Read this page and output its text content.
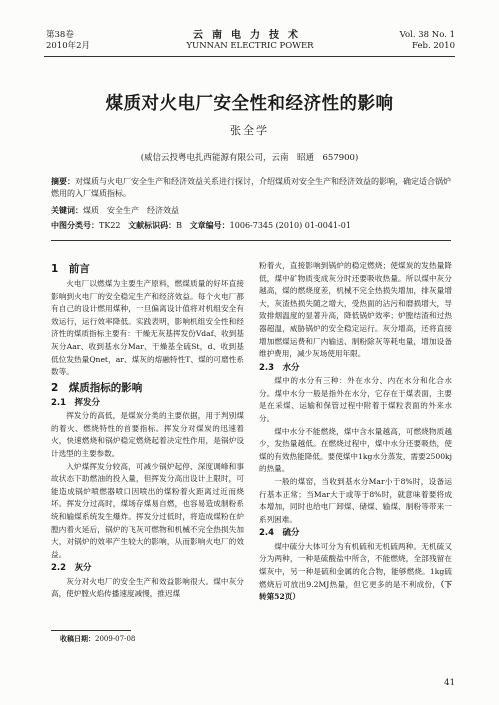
第38卷
2010年2月
云南电力技术
YUNNAN ELECTRIC POWER
Vol. 38 No. 1
Feb. 2010
煤质对火电厂安全性和经济性的影响
张全学
(威信云投粤电扎西能源有限公司，云南　昭通　657900)
摘要：对煤质与火电厂安全生产和经济效益关系进行探讨，介绍煤质对安全生产和经济效益的影响，确定适合锅炉燃用的入厂煤质指标。
关键词：煤质　安全生产　经济效益
中图分类号：TK22 文献标识码：B 文章编号：1006-7345 (2010) 01-0041-01
1　前言

火电厂以燃煤为主要生产原料，燃煤质量的好坏直接影响到火电厂的安全稳定生产和经济效益。每个火电厂都有自己的设计燃用煤种，一旦偏离设计值将对机组安全有效运行，运行效率降低。实践表明，影响机组安全性和经济性的煤质指标主要有：干燥无灰基挥发份Vdaf、收到基灰分Aar、收到基水分Mar、干燥基全硫St，d、收到基低位发热量Qnet，ar、煤灰的熔融特性T、煤的可磨性系数等。

2　煤质指标的影响
2.1　挥发分

挥发分的高低，是煤炭分类的主要依据，用于判别煤的着火、燃烧特性的首要指标。挥发分对煤炭的迅速着火，快速燃烧和锅炉稳定燃烧起着决定性作用，是锅炉设计选型的主要参数。

入炉煤挥发分较高，可减少锅炉起停、深度调峰和事故状态下助燃油的投入量，但挥发分高出设计上限时，可能造成锅炉喷燃器喷口因喷出的煤粉着火距离过近而烧坏。挥发分过高时，煤场存煤易自燃，也容易造成制粉系统和输煤系统发生爆炸。挥发分过低时，将造成煤粉在炉膛内着火延后，锅炉的飞灰可燃物和机械不完全热损失加大，对锅炉的效率产生较大的影响，从而影响火电厂的效益。

2.2　灰分

灰分对火电厂的安全生产和效益影响很大。煤中灰分高，使炉膛火焰传播速度减慢，推迟煤

粉着火，直接影响到锅炉的稳定燃烧；使煤炭的发热量降低，煤中矿物质变成灰分时还要吸收热量。所以煤中灰分越高，煤的燃烧度差，机械不完全热损失增加，排灰量增大，灰渣热损失随之增大，受热面的沾污和磨损增大，导致排烟温度的显著升高，降低锅炉效率；炉膛结渣和过热器超温，威胁锅炉的安全稳定运行。灰分增高，还将直接增加燃煤运费和厂内输送、制粉除灰等耗电量，增加设备维护费用，减少灰场使用年限。

2.3　水分

煤中的水分有三种：外在水分、内在水分和化合水分。煤中水分一般是指外在水分，它存在于煤表面，主要是在采煤、运输和保管过程中附着于煤粒表面的外来水分。

煤中水分不能燃烧，煤中含水量越高，可燃烧物质越少，发热量越低。在燃烧过程中，煤中水分还要吸热，使煤的有效热能降低。要使煤中1kg水分蒸发，需要2500kj的热量。

一般的煤窑，当收到基水分Mar小于8%时，设备运行基本正常；当Mar大于或等于8%时，就意味着要将成本增加，同时也给电厂卸煤、储煤、输煤、制粉等带来一系列困难。

2.4　硫分

煤中硫分大体可分为有机硫和无机硫两种。无机硫又分为两种，一种是硫酸盐中所含，不能燃烧，全部残留在煤灰中，另一种是硫和金属的化合物，能够燃烧。1kg硫燃烧后可放出9.2MJ热量，但它更多的是不利成份，（下转第52页）

收稿日期：2009-07-08
41
